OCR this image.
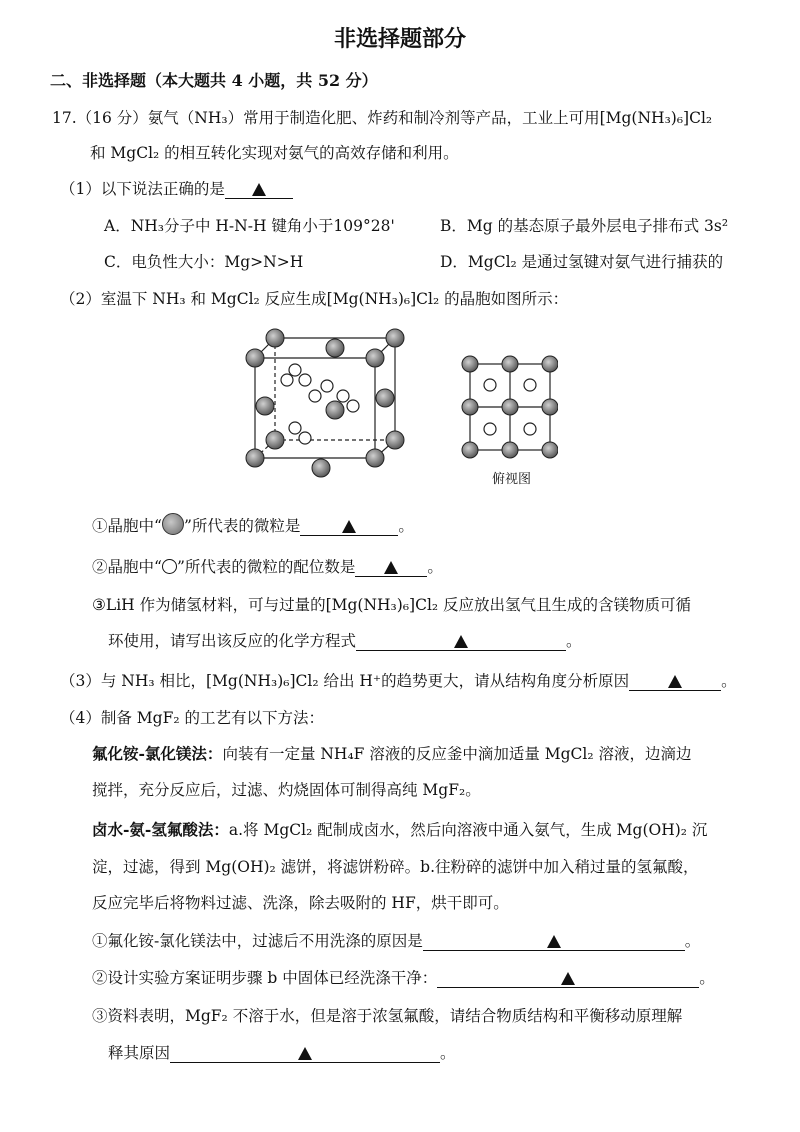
非选择题部分
二、非选择题（本大题共 4 小题，共 52 分）
17.（16 分）氨气（NH₃）常用于制造化肥、炸药和制冷剂等产品，工业上可用[Mg(NH₃)₆]Cl₂
和 MgCl₂ 的相互转化实现对氨气的高效存储和利用。
（1）以下说法正确的是
A．NH₃分子中 H-N-H 键角小于109°28'	B．Mg 的基态原子最外层电子排布式 3s²
C．电负性大小：Mg>N>H	D．MgCl₂ 是通过氢键对氨气进行捕获的
（2）室温下 NH₃ 和 MgCl₂ 反应生成[Mg(NH₃)₆]Cl₂ 的晶胞如图所示：
俯视图
①晶胞中“ ”所代表的微粒是	。
②晶胞中“ ”所代表的微粒的配位数是	。
③LiH 作为储氢材料，可与过量的[Mg(NH₃)₆]Cl₂ 反应放出氢气且生成的含镁物质可循
环使用，请写出该反应的化学方程式	。
（3）与 NH₃ 相比，[Mg(NH₃)₆]Cl₂ 给出 H⁺的趋势更大，请从结构角度分析原因	。
（4）制备 MgF₂ 的工艺有以下方法：
氟化铵-氯化镁法：向装有一定量 NH₄F 溶液的反应釜中滴加适量 MgCl₂ 溶液，边滴边
搅拌，充分反应后，过滤、灼烧固体可制得高纯 MgF₂。
卤水-氨-氢氟酸法：a.将 MgCl₂ 配制成卤水，然后向溶液中通入氨气，生成 Mg(OH)₂ 沉
淀，过滤，得到 Mg(OH)₂ 滤饼，将滤饼粉碎。b.往粉碎的滤饼中加入稍过量的氢氟酸，
反应完毕后将物料过滤、洗涤，除去吸附的 HF，烘干即可。
①氟化铵-氯化镁法中，过滤后不用洗涤的原因是	。
②设计实验方案证明步骤 b 中固体已经洗涤干净：	。
③资料表明，MgF₂ 不溶于水，但是溶于浓氢氟酸，请结合物质结构和平衡移动原理解
释其原因	。
